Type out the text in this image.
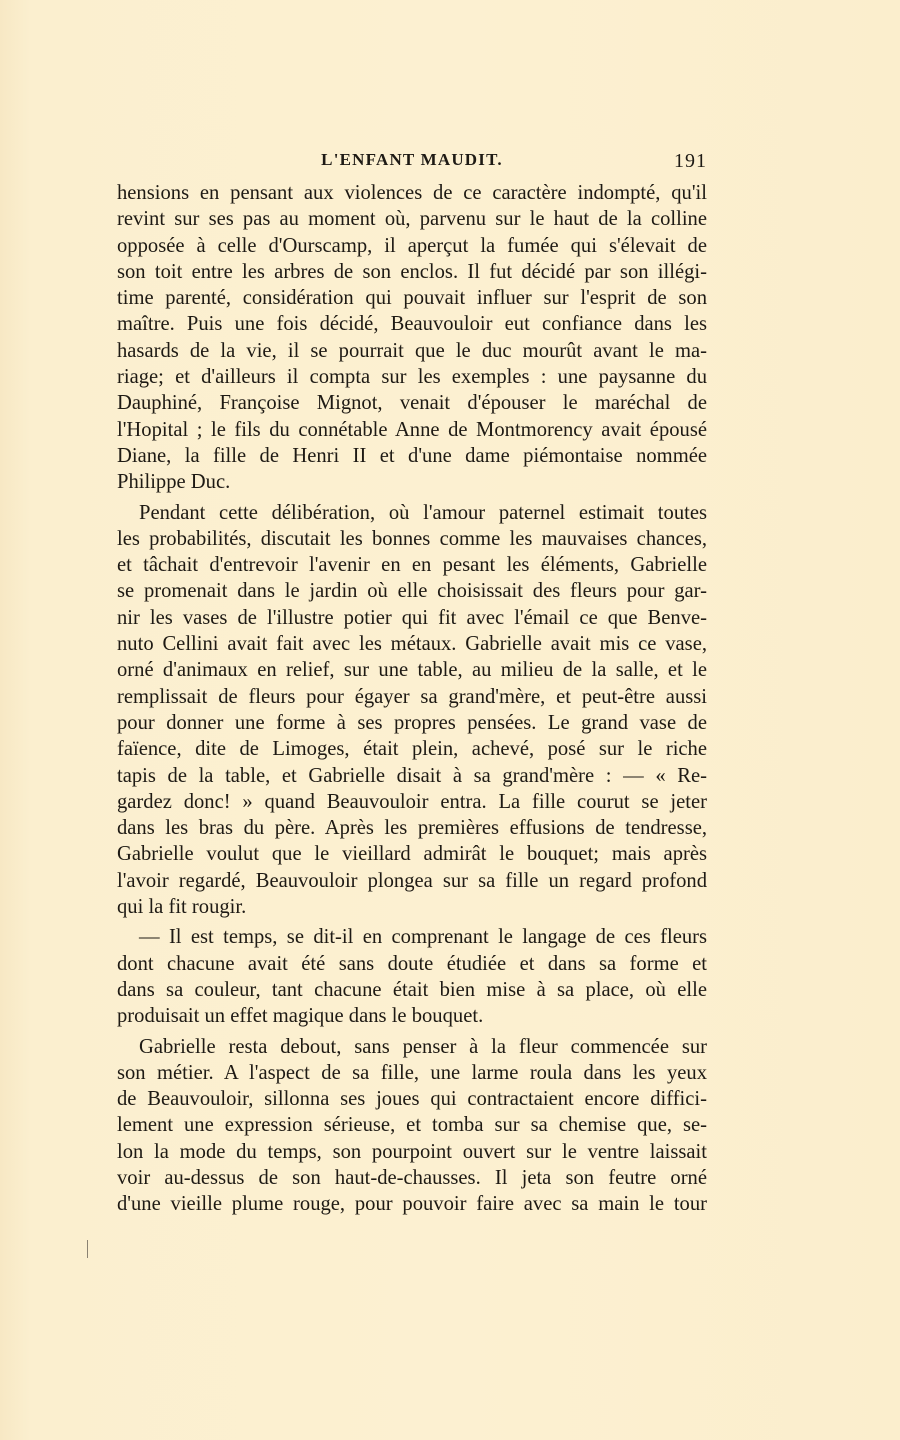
L'ENFANT MAUDIT.	191
hensions en pensant aux violences de ce caractère indompté, qu'il
revint sur ses pas au moment où, parvenu sur le haut de la colline
opposée à celle d'Ourscamp, il aperçut la fumée qui s'élevait de
son toit entre les arbres de son enclos. Il fut décidé par son illégi-
time parenté, considération qui pouvait influer sur l'esprit de son
maître. Puis une fois décidé, Beauvouloir eut confiance dans les
hasards de la vie, il se pourrait que le duc mourût avant le ma-
riage; et d'ailleurs il compta sur les exemples : une paysanne du
Dauphiné, Françoise Mignot, venait d'épouser le maréchal de
l'Hopital ; le fils du connétable Anne de Montmorency avait épousé
Diane, la fille de Henri II et d'une dame piémontaise nommée
Philippe Duc.
Pendant cette délibération, où l'amour paternel estimait toutes
les probabilités, discutait les bonnes comme les mauvaises chances,
et tâchait d'entrevoir l'avenir en en pesant les éléments, Gabrielle
se promenait dans le jardin où elle choisissait des fleurs pour gar-
nir les vases de l'illustre potier qui fit avec l'émail ce que Benve-
nuto Cellini avait fait avec les métaux. Gabrielle avait mis ce vase,
orné d'animaux en relief, sur une table, au milieu de la salle, et le
remplissait de fleurs pour égayer sa grand'mère, et peut-être aussi
pour donner une forme à ses propres pensées. Le grand vase de
faïence, dite de Limoges, était plein, achevé, posé sur le riche
tapis de la table, et Gabrielle disait à sa grand'mère : — « Re-
gardez donc! » quand Beauvouloir entra. La fille courut se jeter
dans les bras du père. Après les premières effusions de tendresse,
Gabrielle voulut que le vieillard admirât le bouquet; mais après
l'avoir regardé, Beauvouloir plongea sur sa fille un regard profond
qui la fit rougir.
— Il est temps, se dit-il en comprenant le langage de ces fleurs
dont chacune avait été sans doute étudiée et dans sa forme et
dans sa couleur, tant chacune était bien mise à sa place, où elle
produisait un effet magique dans le bouquet.
Gabrielle resta debout, sans penser à la fleur commencée sur
son métier. A l'aspect de sa fille, une larme roula dans les yeux
de Beauvouloir, sillonna ses joues qui contractaient encore diffici-
lement une expression sérieuse, et tomba sur sa chemise que, se-
lon la mode du temps, son pourpoint ouvert sur le ventre laissait
voir au-dessus de son haut-de-chausses. Il jeta son feutre orné
d'une vieille plume rouge, pour pouvoir faire avec sa main le tour
